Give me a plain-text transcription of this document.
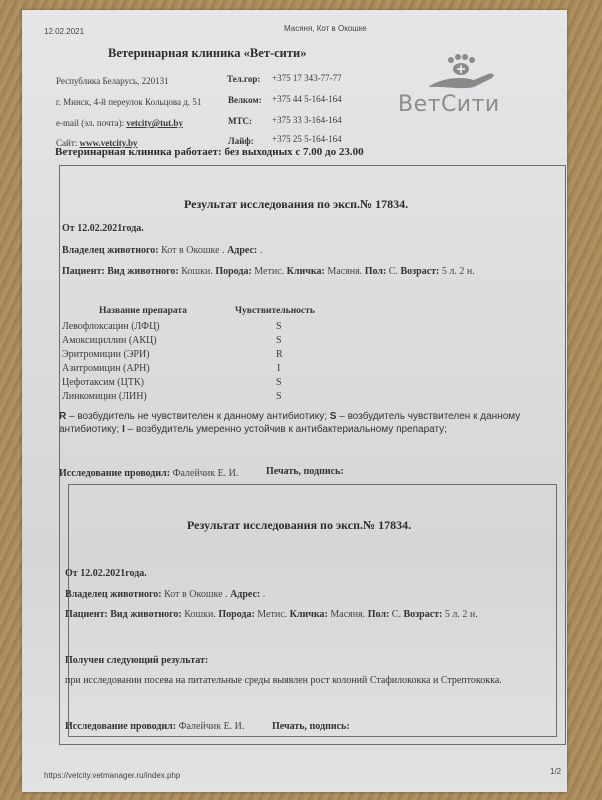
12.02.2021	Масяня, Кот в Окошке
Ветеринарная клиника «Вет-сити»
Республика Беларусь, 220131
г. Минск, 4-й переулок Кольцова д. 51
e-mail (эл. почта): vetcity@tut.by
Сайт: www.vetcity.by
Тел.гор: +375 17 343-77-77
Велком: +375 44 5-164-164
МТС: +375 33 3-164-164
Лайф: +375 25 5-164-164
Ветеринарная клиника работает: без выходных с 7.00 до 23.00
ВетСити
Результат исследования по эксп.№ 17834.
От 12.02.2021года.
Владелец животного: Кот в Окошке . Адрес: .
Пациент: Вид животного: Кошки. Порода: Метис. Кличка: Масяня. Пол: С. Возраст: 5 л. 2 н.
Название препарата	Чувствительность
Левофлоксацин (ЛФЦ)	S
Амоксициллин (АКЦ)	S
Эритромицин (ЭРИ)	R
Азитромицин (АРН)	I
Цефотаксим (ЦТК)	S
Линкомицин (ЛИН)	S
R – возбудитель не чувствителен к данному антибиотику; S – возбудитель чувствителен к данному антибиотику; I – возбудитель умеренно устойчив к антибактериальному препарату;
Исследование проводил: Фалейчик Е. И.	Печать, подпись:
Результат исследования по эксп.№ 17834.
От 12.02.2021года.
Владелец животного: Кот в Окошке . Адрес: .
Пациент: Вид животного: Кошки. Порода: Метис. Кличка: Масяня. Пол: С. Возраст: 5 л. 2 н.
Получен следующий результат:
при исследовании посева на питательные среды выявлен рост колоний Стафилококка и Стрептококка.
Исследование проводил: Фалейчик Е. И.	Печать, подпись:
https://vetcity.vetmanager.ru/index.php	1/2
